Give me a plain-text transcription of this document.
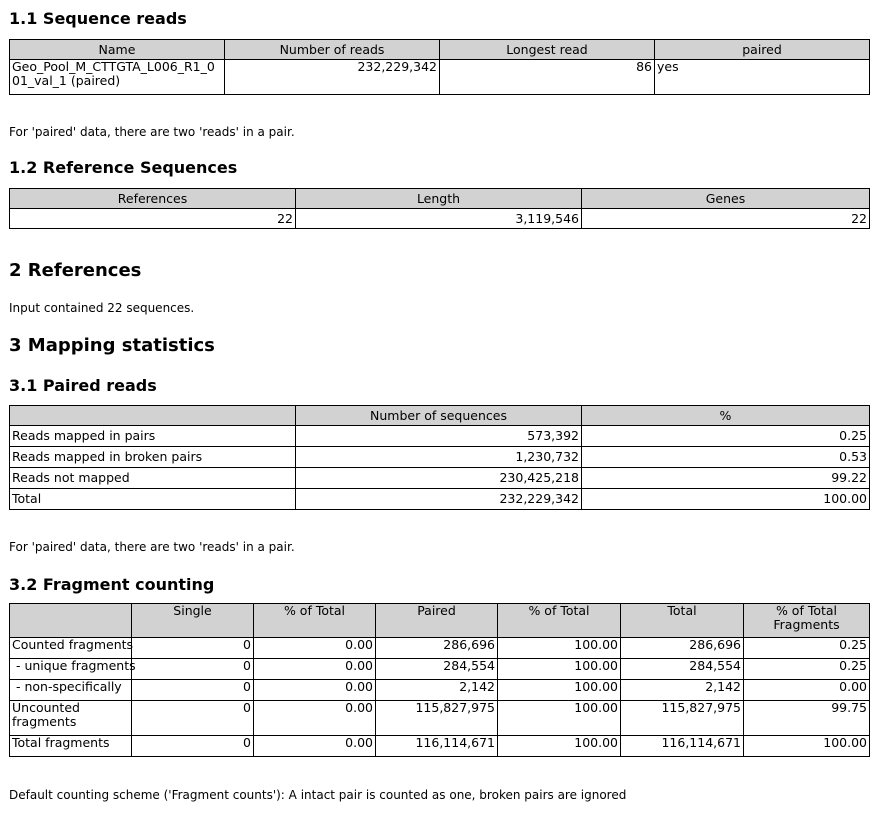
1.1 Sequence reads
Name	Number of reads	Longest read	paired
Geo_Pool_M_CTTGTA_L006_R1_001_val_1 (paired)	232,229,342	86	yes

For 'paired' data, there are two 'reads' in a pair.

1.2 Reference Sequences
References	Length	Genes
22	3,119,546	22
2 References

Input contained 22 sequences.

3 Mapping statistics
3.1 Paired reads
	Number of sequences	%
Reads mapped in pairs	573,392	0.25
Reads mapped in broken pairs	1,230,732	0.53
Reads not mapped	230,425,218	99.22
Total	232,229,342	100.00

For 'paired' data, there are two 'reads' in a pair.

3.2 Fragment counting
	Single	% of Total	Paired	% of Total	Total	% of Total Fragments
Counted fragments	0	0.00	286,696	100.00	286,696	0.25
- unique fragments	0	0.00	284,554	100.00	284,554	0.25
- non-specifically	0	0.00	2,142	100.00	2,142	0.00
Uncounted fragments	0	0.00	115,827,975	100.00	115,827,975	99.75
Total fragments	0	0.00	116,114,671	100.00	116,114,671	100.00

Default counting scheme ('Fragment counts'): A intact pair is counted as one, broken pairs are ignored
